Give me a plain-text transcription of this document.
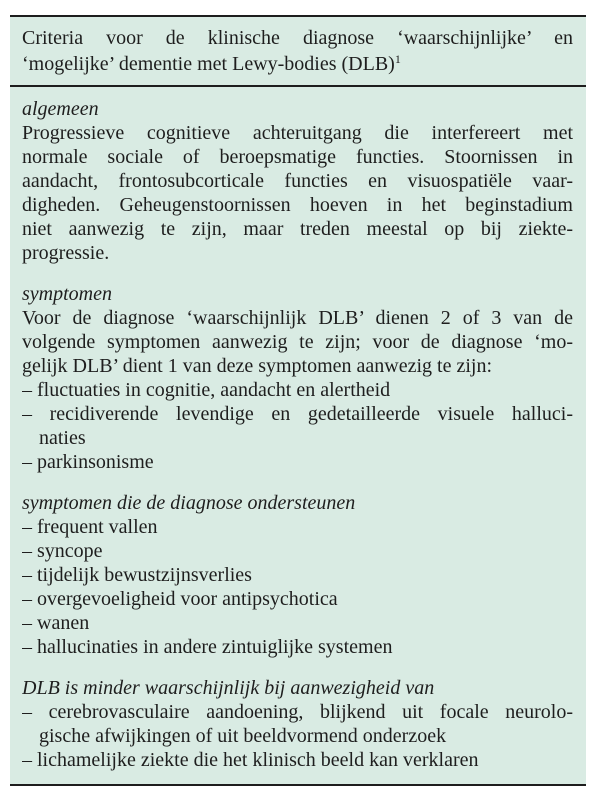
Criteria voor de klinische diagnose ‘waarschijnlijke’ en
‘mogelijke’ dementie met Lewy-bodies (DLB)$^1$
algemeen
Progressieve cognitieve achteruitgang die interfereert met
normale sociale of beroepsmatige functies. Stoornissen in
aandacht, frontosubcorticale functies en visuospatiële vaar-
digheden. Geheugenstoornissen hoeven in het beginstadium
niet aanwezig te zijn, maar treden meestal op bij ziekte-
progressie.
symptomen
Voor de diagnose ‘waarschijnlijk DLB’ dienen 2 of 3 van de
volgende symptomen aanwezig te zijn; voor de diagnose ‘mo-
gelijk DLB’ dient 1 van deze symptomen aanwezig te zijn:
– fluctuaties in cognitie, aandacht en alertheid
– recidiverende levendige en gedetailleerde visuele halluci-
naties
– parkinsonisme
symptomen die de diagnose ondersteunen
– frequent vallen
– syncope
– tijdelijk bewustzijnsverlies
– overgevoeligheid voor antipsychotica
– wanen
– hallucinaties in andere zintuiglijke systemen
DLB is minder waarschijnlijk bij aanwezigheid van
– cerebrovasculaire aandoening, blijkend uit focale neurolo-
gische afwijkingen of uit beeldvormend onderzoek
– lichamelijke ziekte die het klinisch beeld kan verklaren
